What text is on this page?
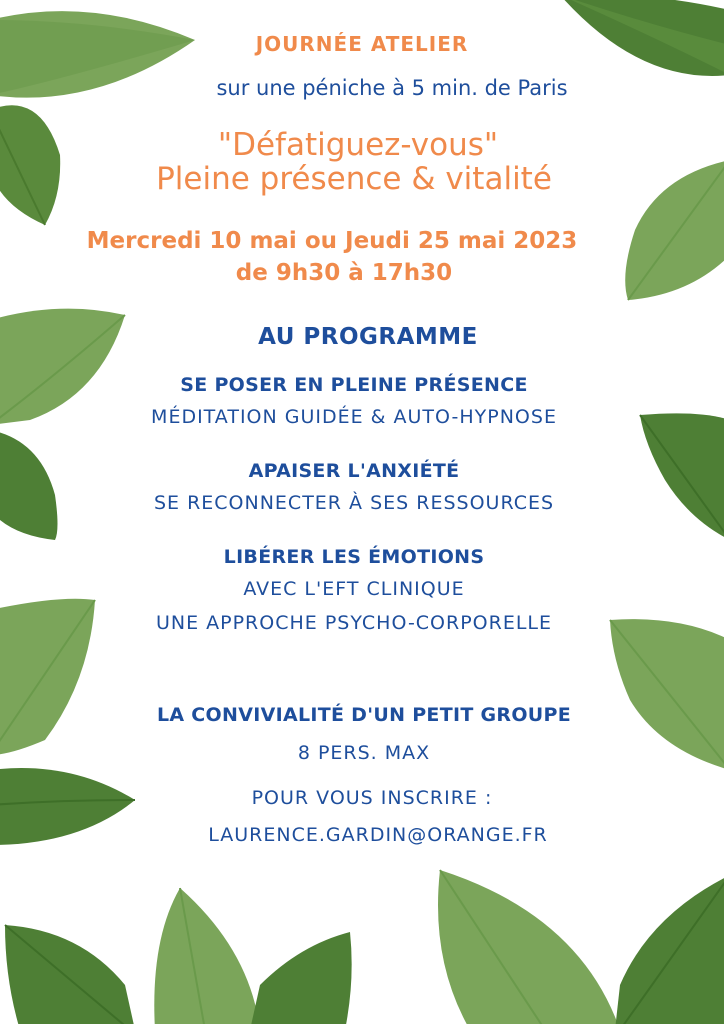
JOURNÉE ATELIER

sur une péniche à 5 min. de Paris

"Défatiguez-vous"

Pleine présence & vitalité

Mercredi 10 mai ou Jeudi 25 mai 2023

de 9h30 à 17h30

AU PROGRAMME

SE POSER EN PLEINE PRÉSENCE

MÉDITATION GUIDÉE & AUTO-HYPNOSE

APAISER L'ANXIÉTÉ

SE RECONNECTER À SES RESSOURCES

LIBÉRER LES ÉMOTIONS

AVEC L'EFT CLINIQUE

UNE APPROCHE PSYCHO-CORPORELLE

LA CONVIVIALITÉ D'UN PETIT GROUPE

8 PERS. MAX

POUR VOUS INSCRIRE :

LAURENCE.GARDIN@ORANGE.FR
